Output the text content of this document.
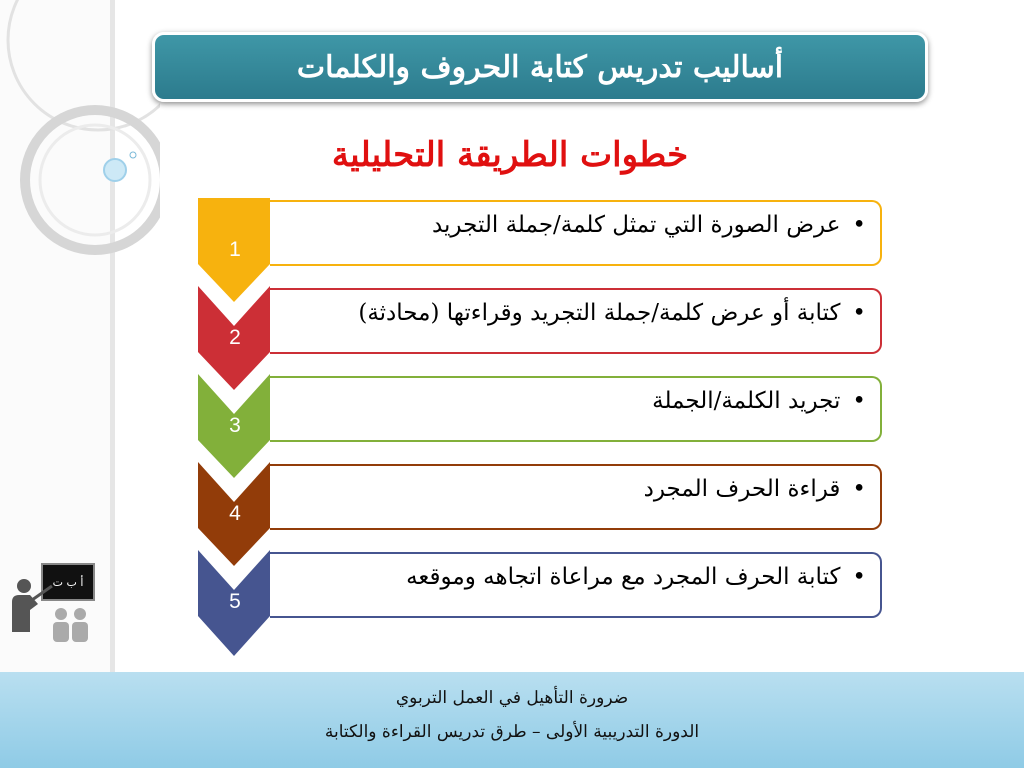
أساليب تدريس كتابة الحروف والكلمات
خطوات الطريقة التحليلية
•عرض الصورة التي تمثل كلمة/جملة التجريد
•كتابة أو عرض كلمة/جملة التجريد وقراءتها (محادثة)
•تجريد الكلمة/الجملة
•قراءة الحرف المجرد
•كتابة الحرف المجرد مع مراعاة اتجاهه وموقعه
1
2
3
4
5
أ ب ت
ضرورة التأهيل في العمل التربوي
الدورة التدريبية الأولى – طرق تدريس القراءة والكتابة
